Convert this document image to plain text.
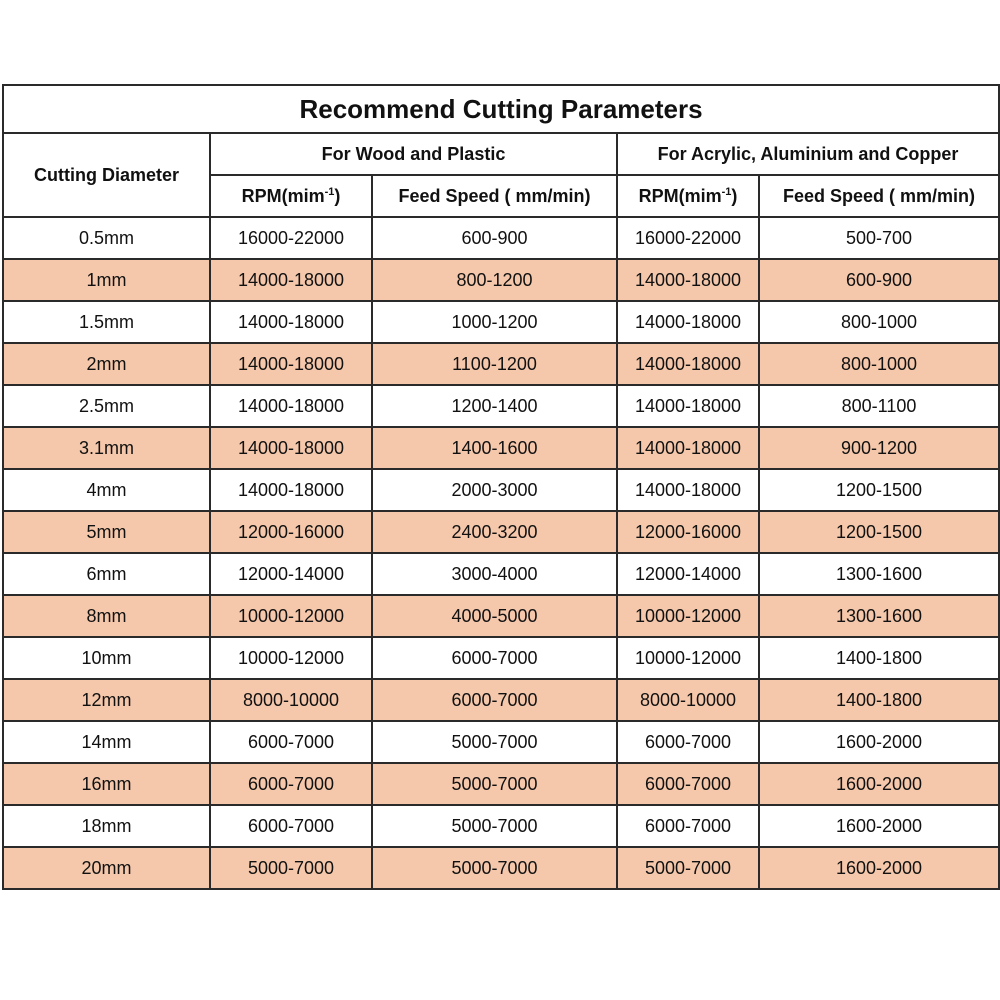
Recommend Cutting Parameters				
Cutting Diameter	For Wood and Plastic		For Acrylic, Aluminium and Copper	
	RPM(mim$^{-1}$)	Feed Speed ( mm/min)	RPM(mim$^{-1}$)	Feed Speed ( mm/min)
0.5mm	16000-22000	600-900	16000-22000	500-700
1mm	14000-18000	800-1200	14000-18000	600-900
1.5mm	14000-18000	1000-1200	14000-18000	800-1000
2mm	14000-18000	1100-1200	14000-18000	800-1000
2.5mm	14000-18000	1200-1400	14000-18000	800-1100
3.1mm	14000-18000	1400-1600	14000-18000	900-1200
4mm	14000-18000	2000-3000	14000-18000	1200-1500
5mm	12000-16000	2400-3200	12000-16000	1200-1500
6mm	12000-14000	3000-4000	12000-14000	1300-1600
8mm	10000-12000	4000-5000	10000-12000	1300-1600
10mm	10000-12000	6000-7000	10000-12000	1400-1800
12mm	8000-10000	6000-7000	8000-10000	1400-1800
14mm	6000-7000	5000-7000	6000-7000	1600-2000
16mm	6000-7000	5000-7000	6000-7000	1600-2000
18mm	6000-7000	5000-7000	6000-7000	1600-2000
20mm	5000-7000	5000-7000	5000-7000	1600-2000
